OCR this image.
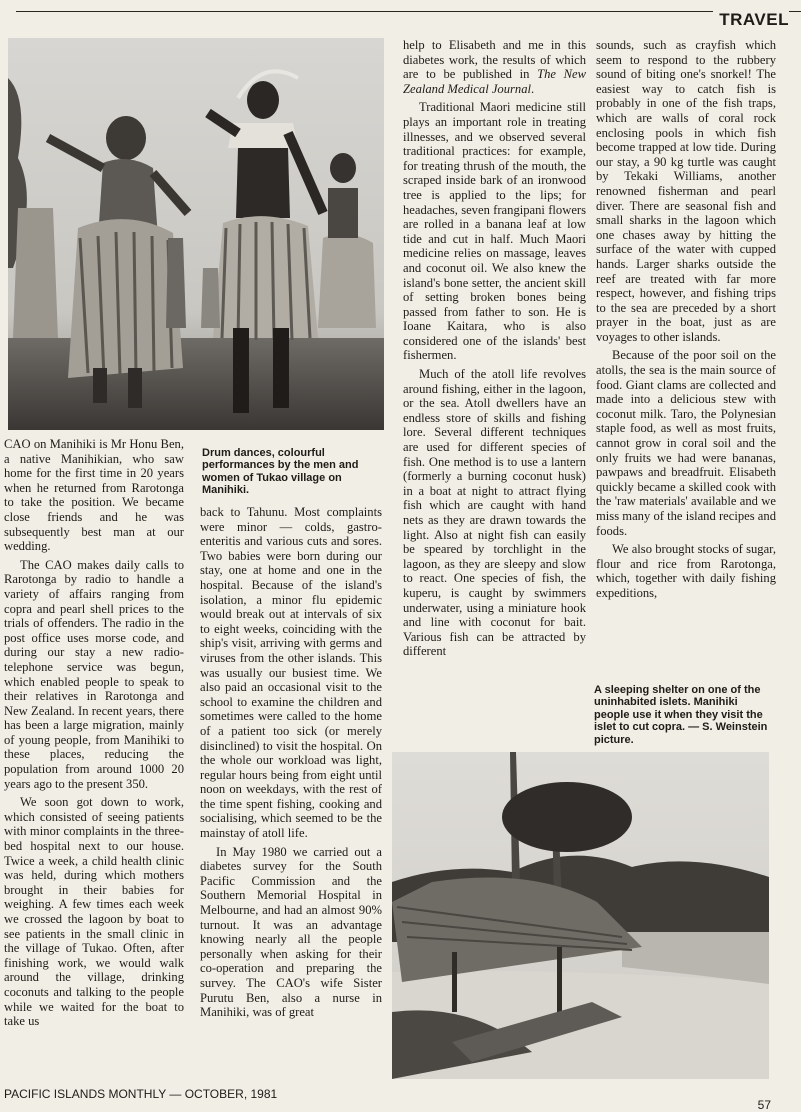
TRAVEL

CAO on Manihiki is Mr Honu Ben, a native Manihikian, who saw home for the first time in 20 years when he returned from Rarotonga to take the position. We became close friends and he was subsequently best man at our wedding.

The CAO makes daily calls to Rarotonga by radio to handle a variety of affairs ranging from copra and pearl shell prices to the trials of offenders. The radio in the post office uses morse code, and during our stay a new radio-telephone service was begun, which enabled people to speak to their relatives in Rarotonga and New Zealand. In recent years, there has been a large migration, mainly of young people, from Manihiki to these places, reducing the population from around 1000 20 years ago to the present 350.

We soon got down to work, which consisted of seeing patients with minor complaints in the three-bed hospital next to our house. Twice a week, a child health clinic was held, during which mothers brought in their babies for weighing. A few times each week we crossed the lagoon by boat to see patients in the small clinic in the village of Tukao. Often, after finishing work, we would walk around the village, drinking coconuts and talking to the people while we waited for the boat to take us

Drum dances, colourful performances by the men and women of Tukao village on Manihiki.

back to Tahunu. Most complaints were minor — colds, gastro-enteritis and various cuts and sores. Two babies were born during our stay, one at home and one in the hospital. Because of the island's isolation, a minor flu epidemic would break out at intervals of six to eight weeks, coinciding with the ship's visit, arriving with germs and viruses from the other islands. This was usually our busiest time. We also paid an occasional visit to the school to examine the children and sometimes were called to the home of a patient too sick (or merely disinclined) to visit the hospital. On the whole our workload was light, regular hours being from eight until noon on weekdays, with the rest of the time spent fishing, cooking and socialising, which seemed to be the mainstay of atoll life.

In May 1980 we carried out a diabetes survey for the South Pacific Commission and the Southern Memorial Hospital in Melbourne, and had an almost 90% turnout. It was an advantage knowing nearly all the people personally when asking for their co-operation and preparing the survey. The CAO's wife Sister Purutu Ben, also a nurse in Manihiki, was of great

help to Elisabeth and me in this diabetes work, the results of which are to be published in The New Zealand Medical Journal.

Traditional Maori medicine still plays an important role in treating illnesses, and we observed several traditional practices: for example, for treating thrush of the mouth, the scraped inside bark of an ironwood tree is applied to the lips; for headaches, seven frangipani flowers are rolled in a banana leaf at low tide and cut in half. Much Maori medicine relies on massage, leaves and coconut oil. We also knew the island's bone setter, the ancient skill of setting broken bones being passed from father to son. He is Ioane Kaitara, who is also considered one of the islands' best fishermen.

Much of the atoll life revolves around fishing, either in the lagoon, or the sea. Atoll dwellers have an endless store of skills and fishing lore. Several different techniques are used for different species of fish. One method is to use a lantern (formerly a burning coconut husk) in a boat at night to attract flying fish which are caught with hand nets as they are drawn towards the light. Also at night fish can easily be speared by torchlight in the lagoon, as they are sleepy and slow to react. One species of fish, the kuperu, is caught by swimmers underwater, using a miniature hook and line with coconut for bait. Various fish can be attracted by different

sounds, such as crayfish which seem to respond to the rubbery sound of biting one's snorkel! The easiest way to catch fish is probably in one of the fish traps, which are walls of coral rock enclosing pools in which fish become trapped at low tide. During our stay, a 90 kg turtle was caught by Tekaki Williams, another renowned fisherman and pearl diver. There are seasonal fish and small sharks in the lagoon which one chases away by hitting the surface of the water with cupped hands. Larger sharks outside the reef are treated with far more respect, however, and fishing trips to the sea are preceded by a short prayer in the boat, just as are voyages to other islands.

Because of the poor soil on the atolls, the sea is the main source of food. Giant clams are collected and made into a delicious stew with coconut milk. Taro, the Polynesian staple food, as well as most fruits, cannot grow in coral soil and the only fruits we had were bananas, pawpaws and breadfruit. Elisabeth quickly became a skilled cook with the 'raw materials' available and we miss many of the island recipes and foods.

We also brought stocks of sugar, flour and rice from Rarotonga, which, together with daily fishing expeditions,

A sleeping shelter on one of the uninhabited islets. Manihiki people use it when they visit the islet to cut copra. — S. Weinstein picture.
PACIFIC ISLANDS MONTHLY — OCTOBER, 1981
57
